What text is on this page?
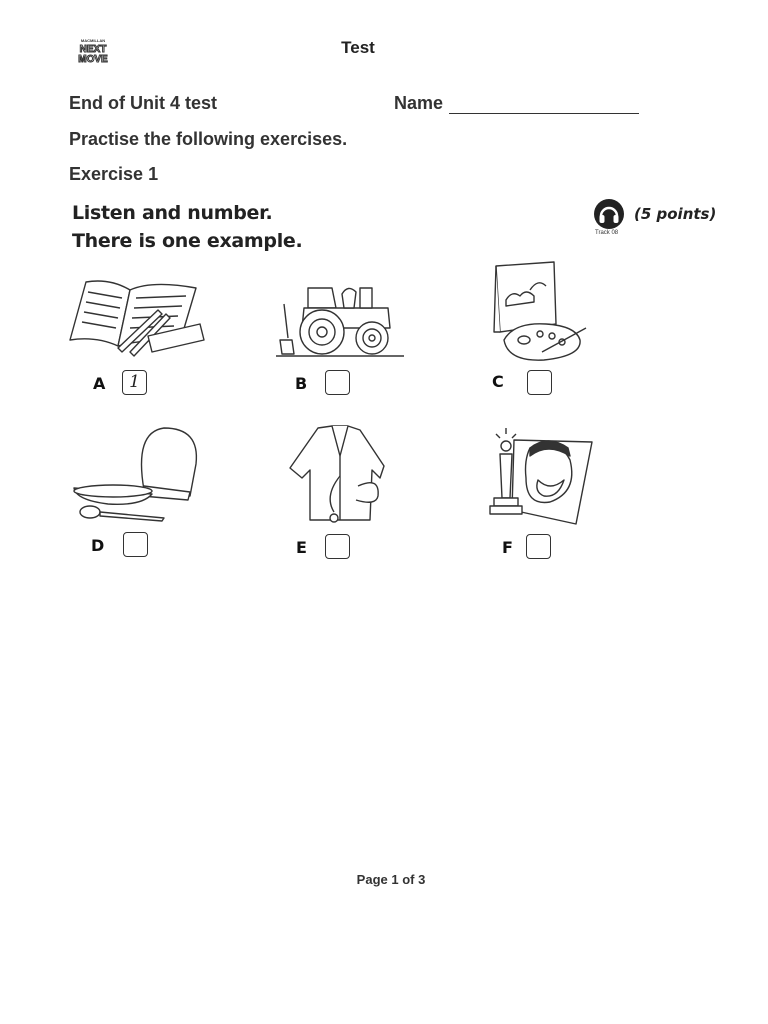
MACMILLAN
NEXT
MOVE
Test
End of Unit 4 test	Name
Practise the following exercises.
Exercise 1
Listen and number.
There is one example.	Track 08
(5 points)
A	1	B	C
D	E	F
Page 1 of 3
